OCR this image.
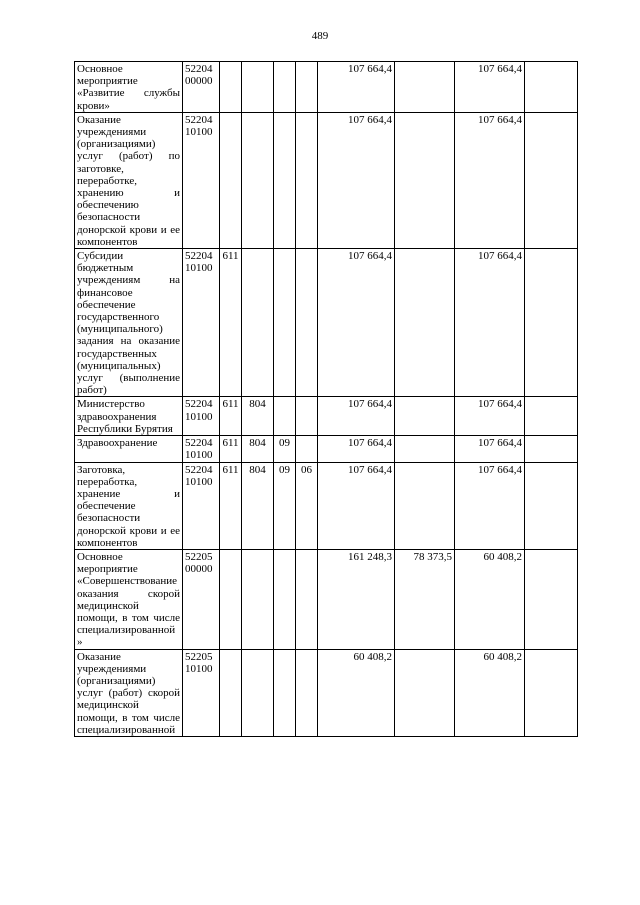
489
Основное мероприятие «Развитие службы крови»	52204 00000					107 664,4		107 664,4	
Оказание учреждениями (организациями) услуг (работ) по заготовке, переработке, хранению и обеспечению безопасности донорской крови и ее компонентов	52204 10100					107 664,4		107 664,4	
Субсидии бюджетным учреждениям на финансовое обеспечение государственного (муниципального) задания на оказание государственных (муниципальных) услуг (выполнение работ)	52204 10100	611				107 664,4		107 664,4	
Министерство здравоохранения Республики Бурятия	52204 10100	611	804			107 664,4		107 664,4	
Здравоохранение	52204 10100	611	804	09		107 664,4		107 664,4	
Заготовка, переработка, хранение и обеспечение безопасности донорской крови и ее компонентов	52204 10100	611	804	09	06	107 664,4		107 664,4	
Основное мероприятие «Совершенствование оказания скорой медицинской помощи, в том числе специализированной»	52205 00000					161 248,3	78 373,5	60 408,2	
Оказание учреждениями (организациями) услуг (работ) скорой медицинской помощи, в том числе специализированной	52205 10100					60 408,2		60 408,2	
